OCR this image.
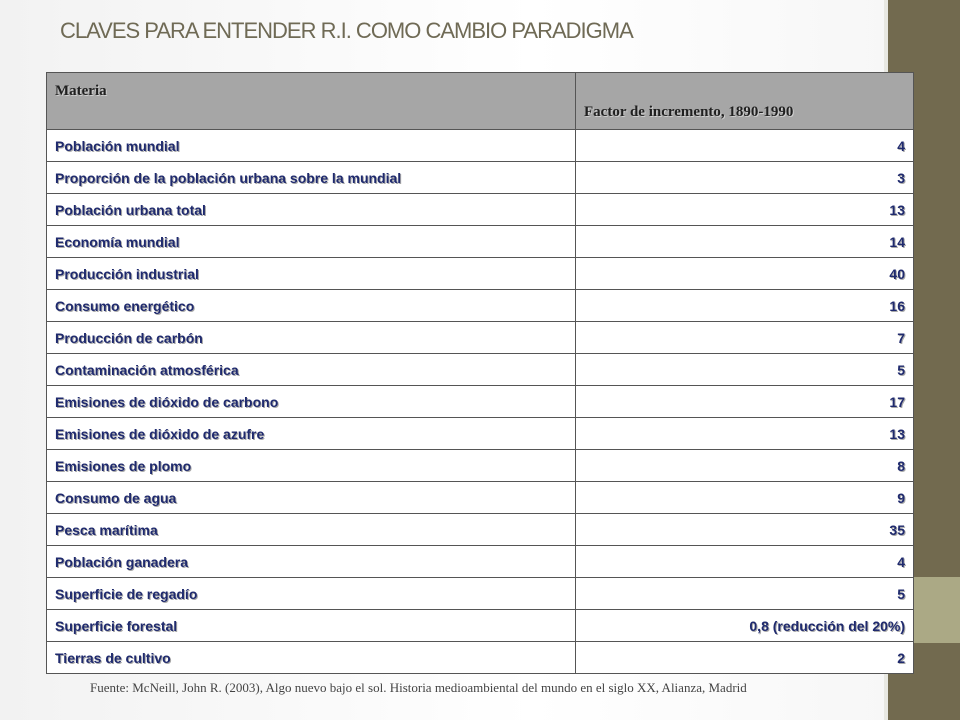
CLAVES PARA ENTENDER R.I. COMO CAMBIO PARADIGMA
Materia	Factor de incremento, 1890-1990
Población mundial	4
Proporción de la población urbana sobre la mundial	3
Población urbana total	13
Economía mundial	14
Producción industrial	40
Consumo energético	16
Producción de carbón	7
Contaminación atmosférica	5
Emisiones de dióxido de carbono	17
Emisiones de dióxido de azufre	13
Emisiones de plomo	8
Consumo de agua	9
Pesca marítima	35
Población ganadera	4
Superficie de regadío	5
Superficie forestal	0,8 (reducción del 20%)
Tierras de cultivo	2
Fuente: McNeill, John R. (2003), Algo nuevo bajo el sol. Historia medioambiental del mundo en el siglo XX, Alianza, Madrid
